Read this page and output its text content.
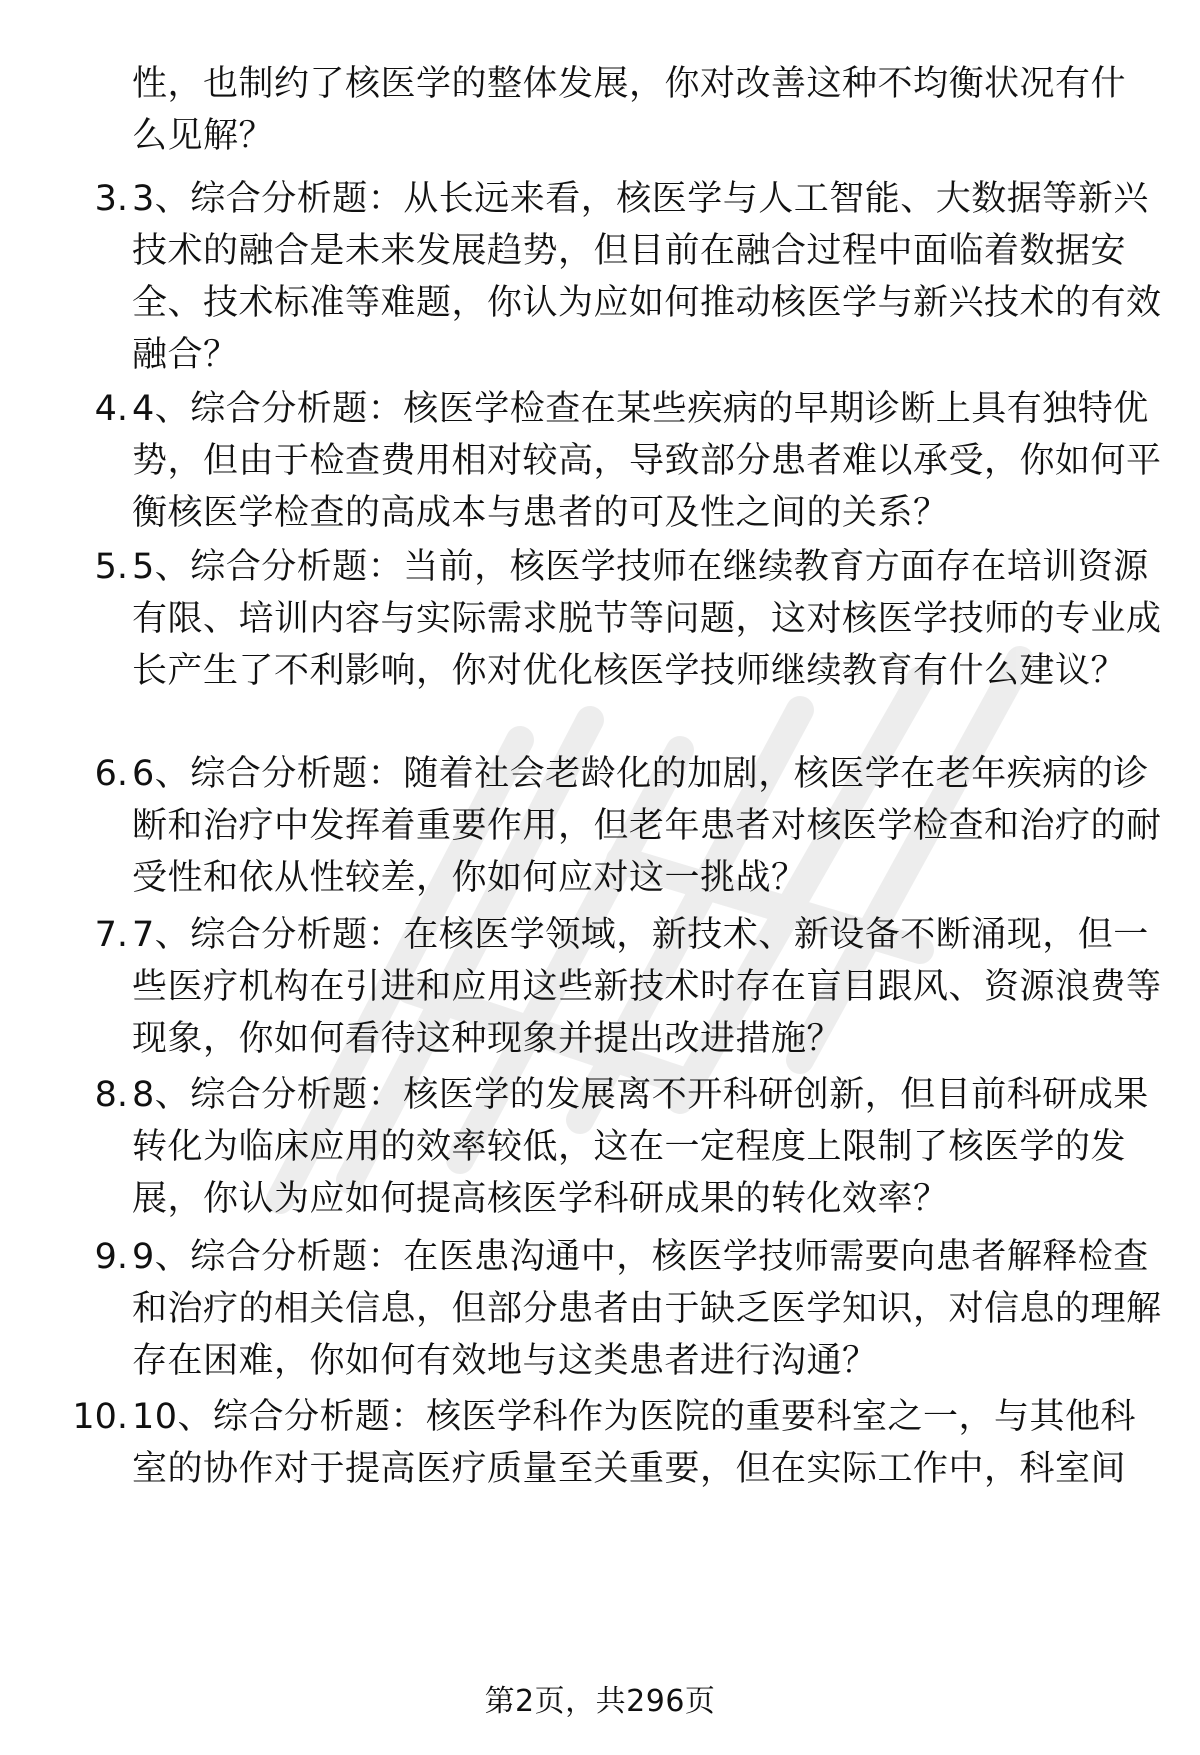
性，也制约了核医学的整体发展，你对改善这种不均衡状况有什么见解？
3. 3、综合分析题：从长远来看，核医学与人工智能、大数据等新兴技术的融合是未来发展趋势，但目前在融合过程中面临着数据安全、技术标准等难题，你认为应如何推动核医学与新兴技术的有效融合？
4. 4、综合分析题：核医学检查在某些疾病的早期诊断上具有独特优势，但由于检查费用相对较高，导致部分患者难以承受，你如何平衡核医学检查的高成本与患者的可及性之间的关系？
5. 5、综合分析题：当前，核医学技师在继续教育方面存在培训资源有限、培训内容与实际需求脱节等问题，这对核医学技师的专业成长产生了不利影响，你对优化核医学技师继续教育有什么建议？
6. 6、综合分析题：随着社会老龄化的加剧，核医学在老年疾病的诊断和治疗中发挥着重要作用，但老年患者对核医学检查和治疗的耐受性和依从性较差，你如何应对这一挑战？
7. 7、综合分析题：在核医学领域，新技术、新设备不断涌现，但一些医疗机构在引进和应用这些新技术时存在盲目跟风、资源浪费等现象，你如何看待这种现象并提出改进措施？
8. 8、综合分析题：核医学的发展离不开科研创新，但目前科研成果转化为临床应用的效率较低，这在一定程度上限制了核医学的发展，你认为应如何提高核医学科研成果的转化效率？
9. 9、综合分析题：在医患沟通中，核医学技师需要向患者解释检查和治疗的相关信息，但部分患者由于缺乏医学知识，对信息的理解存在困难，你如何有效地与这类患者进行沟通？
10. 10、综合分析题：核医学科作为医院的重要科室之一，与其他科室的协作对于提高医疗质量至关重要，但在实际工作中，科室间
第2页，共296页
